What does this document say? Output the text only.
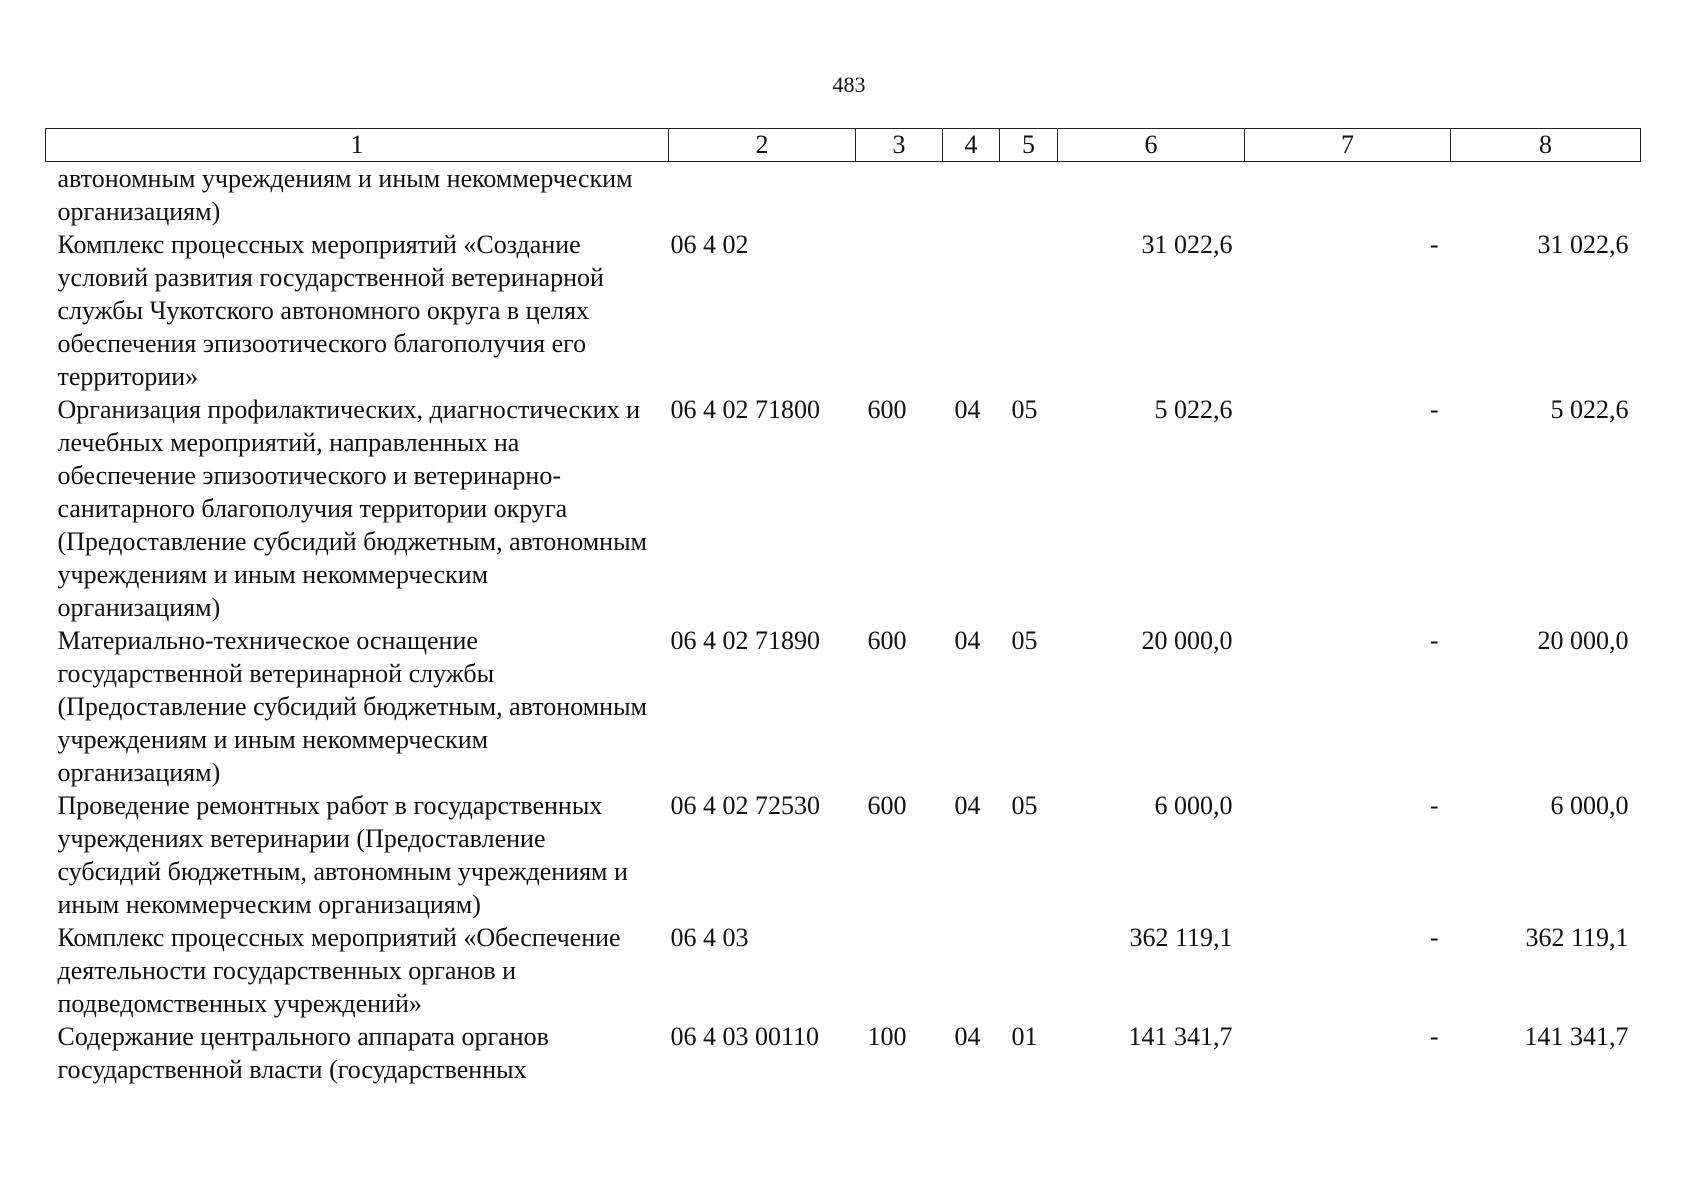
483
1	2	3	4	5	6	7	8
автономным учреждениям и иным некоммерческим организациям)							
Комплекс процессных мероприятий «Создание условий развития государственной ветеринарной службы Чукотского автономного округа в целях обеспечения эпизоотического благополучия его территории»	06 4 02				31 022,6	-	31 022,6
Организация профилактических, диагностических и лечебных мероприятий, направленных на обеспечение эпизоотического и ветеринарно-санитарного благополучия территории округа (Предоставление субсидий бюджетным, автономным учреждениям и иным некоммерческим организациям)	06 4 02 71800	600	04	05	5 022,6	-	5 022,6
Материально-техническое оснащение государственной ветеринарной службы (Предоставление субсидий бюджетным, автономным учреждениям и иным некоммерческим организациям)	06 4 02 71890	600	04	05	20 000,0	-	20 000,0
Проведение ремонтных работ в государственных учреждениях ветеринарии (Предоставление субсидий бюджетным, автономным учреждениям и иным некоммерческим организациям)	06 4 02 72530	600	04	05	6 000,0	-	6 000,0
Комплекс процессных мероприятий «Обеспечение деятельности государственных органов и подведомственных учреждений»	06 4 03				362 119,1	-	362 119,1
Содержание центрального аппарата органов государственной власти (государственных	06 4 03 00110	100	04	01	141 341,7	-	141 341,7
